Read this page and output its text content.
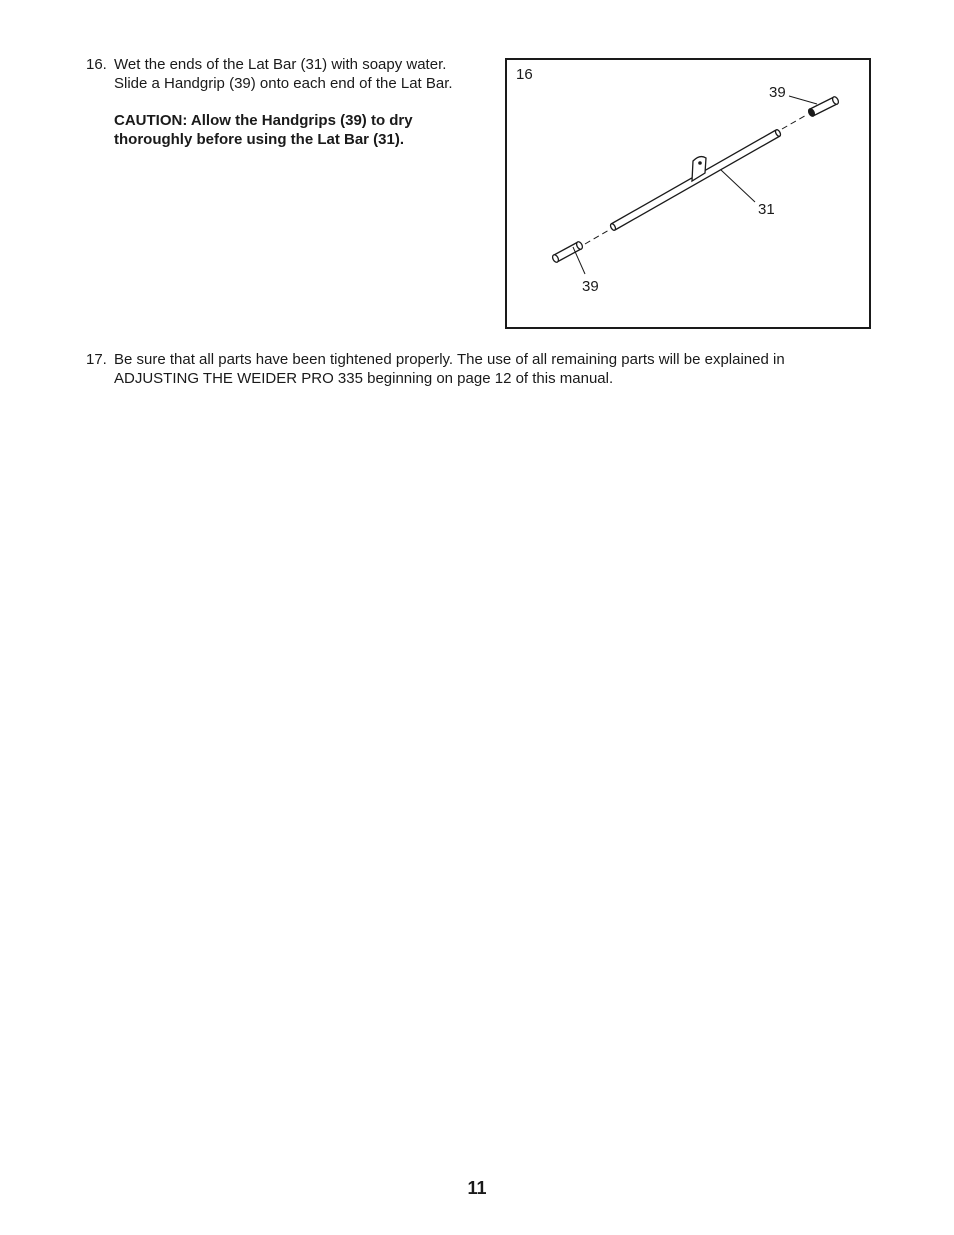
16. Wet the ends of the Lat Bar (31) with soapy water.
Slide a Handgrip (39) onto each end of the Lat Bar.
CAUTION: Allow the Handgrips (39) to dry
thoroughly before using the Lat Bar (31).
16
39
31
39
17. Be sure that all parts have been tightened properly. The use of all remaining parts will be explained in
ADJUSTING THE WEIDER PRO 335 beginning on page 12 of this manual.
11
